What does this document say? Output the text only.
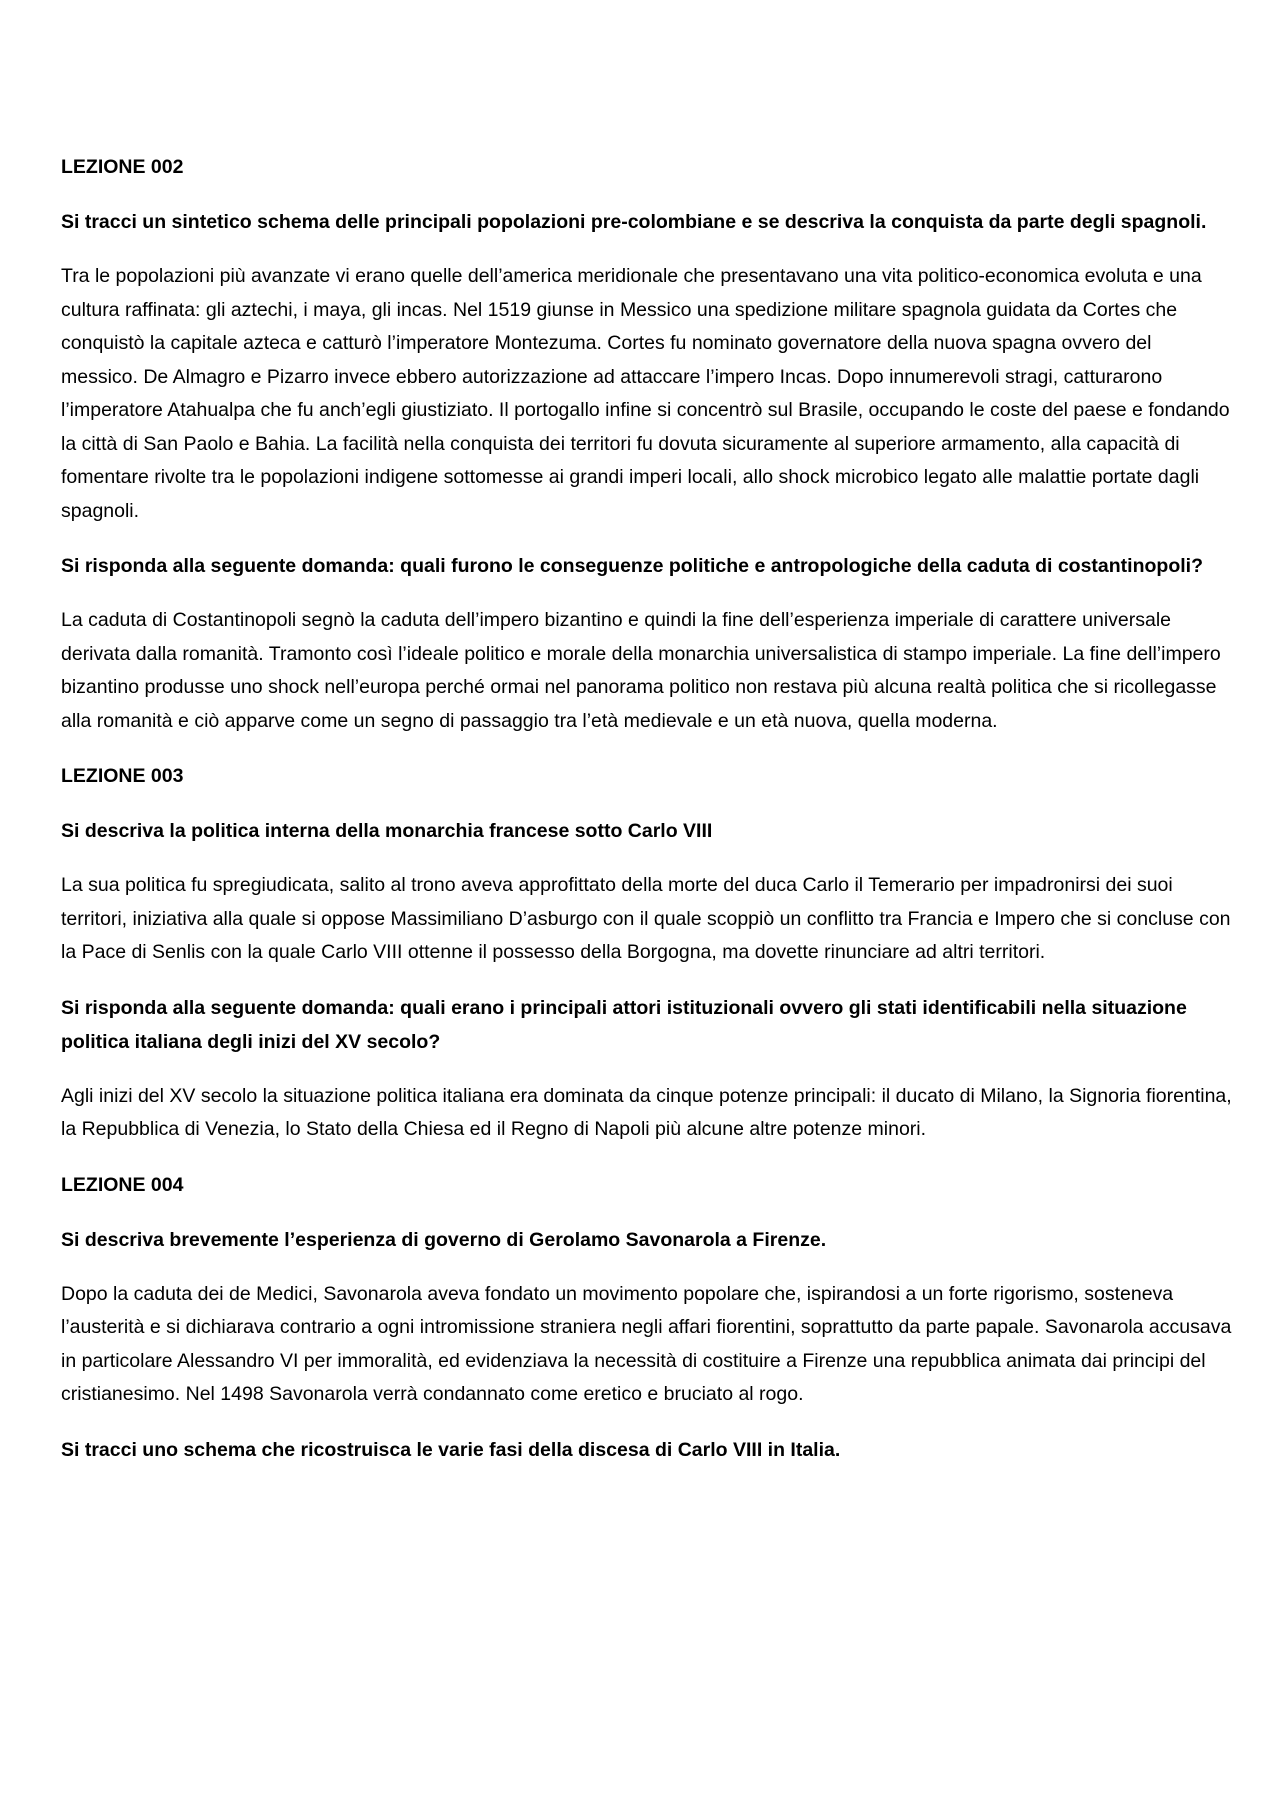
LEZIONE 002
Si tracci un sintetico schema delle principali popolazioni pre-colombiane e se descriva la conquista da parte degli spagnoli.
Tra le popolazioni più avanzate vi erano quelle dell’america meridionale che presentavano una vita politico-economica evoluta e una cultura raffinata: gli aztechi, i maya, gli incas. Nel 1519 giunse in Messico una spedizione militare spagnola guidata da Cortes che conquistò la capitale azteca e catturò l’imperatore Montezuma. Cortes fu nominato governatore della nuova spagna ovvero del messico. De Almagro e Pizarro invece ebbero autorizzazione ad attaccare l’impero Incas. Dopo innumerevoli stragi, catturarono l’imperatore Atahualpa che fu anch’egli giustiziato. Il portogallo infine si concentrò sul Brasile, occupando le coste del paese e fondando la città di San Paolo e Bahia. La facilità nella conquista dei territori fu dovuta sicuramente al superiore armamento, alla capacità di fomentare rivolte tra le popolazioni indigene sottomesse ai grandi imperi locali, allo shock microbico legato alle malattie portate dagli spagnoli.
Si risponda alla seguente domanda: quali furono le conseguenze politiche e antropologiche della caduta di costantinopoli?
La caduta di Costantinopoli segnò la caduta dell’impero bizantino e quindi la fine dell’esperienza imperiale di carattere universale derivata dalla romanità. Tramonto così l’ideale politico e morale della monarchia universalistica di stampo imperiale. La fine dell’impero bizantino produsse uno shock nell’europa perché ormai nel panorama politico non restava più alcuna realtà politica che si ricollegasse alla romanità e ciò apparve come un segno di passaggio tra l’età medievale e un età nuova, quella moderna.
LEZIONE 003
Si descriva la politica interna della monarchia francese sotto Carlo VIII
La sua politica fu spregiudicata, salito al trono aveva approfittato della morte del duca Carlo il Temerario per impadronirsi dei suoi territori, iniziativa alla quale si oppose Massimiliano D’asburgo con il quale scoppiò un conflitto tra Francia e Impero che si concluse con la Pace di Senlis con la quale Carlo VIII ottenne il possesso della Borgogna, ma dovette rinunciare ad altri territori.
Si risponda alla seguente domanda: quali erano i principali attori istituzionali ovvero gli stati identificabili nella situazione politica italiana degli inizi del XV secolo?
Agli inizi del XV secolo la situazione politica italiana era dominata da cinque potenze principali: il ducato di Milano, la Signoria fiorentina, la Repubblica di Venezia, lo Stato della Chiesa ed il Regno di Napoli più alcune altre potenze minori.
LEZIONE 004
Si descriva brevemente l’esperienza di governo di Gerolamo Savonarola a Firenze.
Dopo la caduta dei de Medici, Savonarola aveva fondato un movimento popolare che, ispirandosi a un forte rigorismo, sosteneva l’austerità e si dichiarava contrario a ogni intromissione straniera negli affari fiorentini, soprattutto da parte papale. Savonarola accusava in particolare Alessandro VI per immoralità, ed evidenziava la necessità di costituire a Firenze una repubblica animata dai principi del cristianesimo. Nel 1498 Savonarola verrà condannato come eretico e bruciato al rogo.
Si tracci uno schema che ricostruisca le varie fasi della discesa di Carlo VIII in Italia.
